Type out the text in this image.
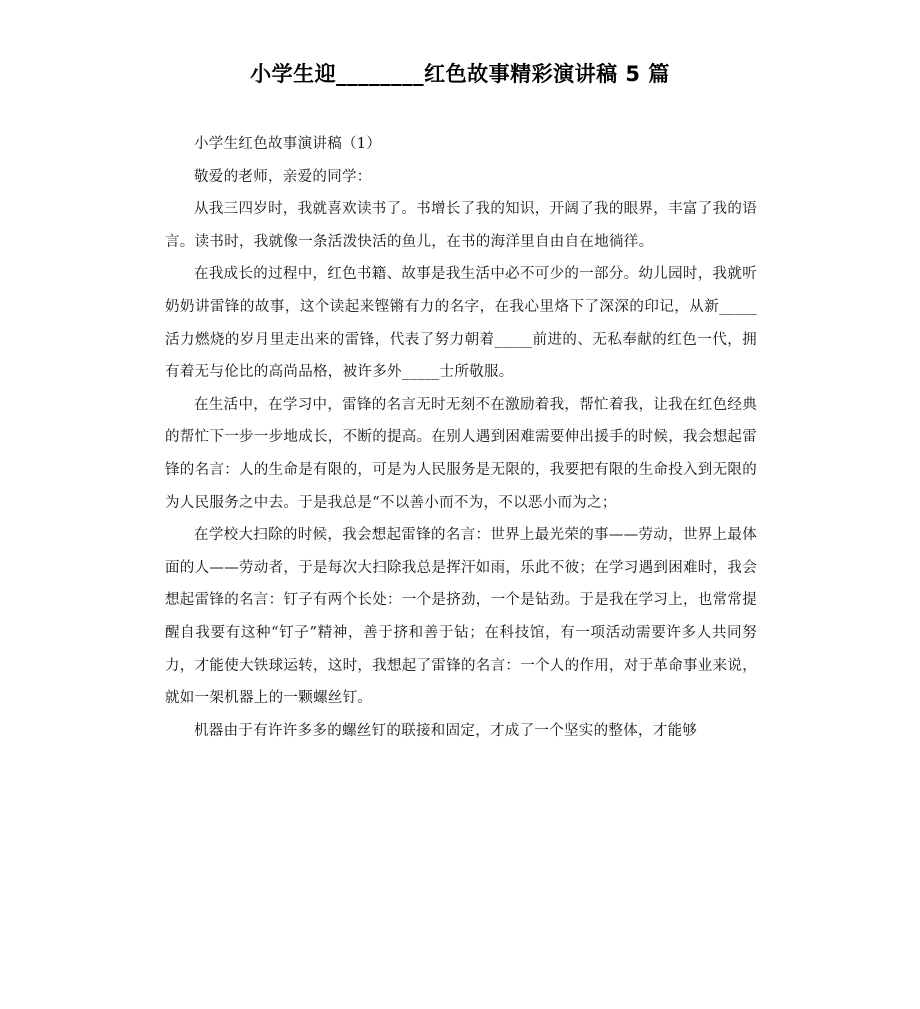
小学生迎________红色故事精彩演讲稿 5 篇

小学生红色故事演讲稿（1）

敬爱的老师，亲爱的同学：

从我三四岁时，我就喜欢读书了。书增长了我的知识，开阔了我的眼界，丰富了我的语言。读书时，我就像一条活泼快活的鱼儿，在书的海洋里自由自在地徜徉。

在我成长的过程中，红色书籍、故事是我生活中必不可少的一部分。幼儿园时，我就听奶奶讲雷锋的故事，这个读起来铿锵有力的名字，在我心里烙下了深深的印记，从新_____活力燃烧的岁月里走出来的雷锋，代表了努力朝着_____前进的、无私奉献的红色一代，拥有着无与伦比的高尚品格，被许多外_____士所敬服。

在生活中，在学习中，雷锋的名言无时无刻不在激励着我，帮忙着我，让我在红色经典的帮忙下一步一步地成长，不断的提高。在别人遇到困难需要伸出援手的时候，我会想起雷锋的名言：人的生命是有限的，可是为人民服务是无限的，我要把有限的生命投入到无限的为人民服务之中去。于是我总是“不以善小而不为，不以恶小而为之；

在学校大扫除的时候，我会想起雷锋的名言：世界上最光荣的事——劳动，世界上最体面的人——劳动者，于是每次大扫除我总是挥汗如雨，乐此不彼；在学习遇到困难时，我会想起雷锋的名言：钉子有两个长处：一个是挤劲，一个是钻劲。于是我在学习上，也常常提醒自我要有这种“钉子”精神，善于挤和善于钻；在科技馆，有一项活动需要许多人共同努力，才能使大铁球运转，这时，我想起了雷锋的名言：一个人的作用，对于革命事业来说，就如一架机器上的一颗螺丝钉。

机器由于有许许多多的螺丝钉的联接和固定，才成了一个坚实的整体，才能够
